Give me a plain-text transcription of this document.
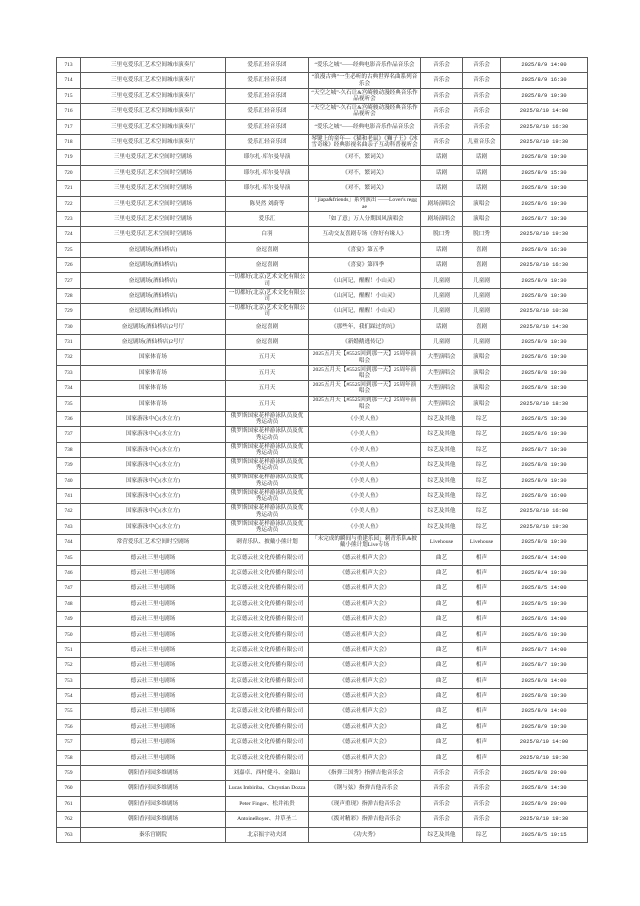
713	三里屯爱乐汇艺术空间城市演奏厅	爱乐汇轻音乐团	“爱乐之城”——经典电影音乐作品音乐会	音乐会	音乐会	2025/8/9 14:00
714	三里屯爱乐汇艺术空间城市演奏厅	爱乐汇轻音乐团	“浪漫古典”一生必听的古典世界名曲系列音乐会	音乐会	音乐会	2025/8/9 16:30
715	三里屯爱乐汇艺术空间城市演奏厅	爱乐汇轻音乐团	“天空之城”-久石让&宫崎骏动漫经典音乐作品视听会	音乐会	音乐会	2025/8/9 19:30
716	三里屯爱乐汇艺术空间城市演奏厅	爱乐汇轻音乐团	“天空之城”-久石让&宫崎骏动漫经典音乐作品视听会	音乐会	音乐会	2025/8/10 14:00
717	三里屯爱乐汇艺术空间城市演奏厅	爱乐汇轻音乐团	“爱乐之城”——经典电影音乐作品音乐会	音乐会	音乐会	2025/8/10 16:30
718	三里屯爱乐汇艺术空间城市演奏厅	爱乐汇轻音乐团	琴键上的童年—《猫和老鼠》《狮子王》《冰雪奇缘》经典影视名曲亲子互动科普视听会	音乐会	儿童音乐会	2025/8/10 19:30
719	三里屯爱乐汇艺术空间时空剧场	耶尔扎·库尔曼导演	《对不，繁词关》	话剧	话剧	2025/8/8 19:30
720	三里屯爱乐汇艺术空间时空剧场	耶尔扎·库尔曼导演	《对不，繁词关》	话剧	话剧	2025/8/9 15:30
721	三里屯爱乐汇艺术空间时空剧场	耶尔扎·库尔曼导演	《对不，繁词关》	话剧	话剧	2025/8/9 19:30
722	三里屯爱乐汇艺术空间时空剧场	陈昊然 刘蔚等	「jiapa&friends」系列演出 ——Lover's reggae	剧场演唱会	演唱会	2025/8/6 19:30
723	三里屯爱乐汇艺术空间时空剧场	爱乐汇	「如了意」万人分期国风演唱会	剧场演唱会	演唱会	2025/8/7 19:30
724	三里屯爱乐汇艺术空间时空剧场	白羽	互动交友喜剧专场《你好有缘人》	脱口秀	脱口秀	2025/8/10 19:30
725	奋逗剧场(酒仙桥店)	奋逗喜剧	《喜宴》第五季	话剧	喜剧	2025/8/9 16:30
726	奋逗剧场(酒仙桥店)	奋逗喜剧	《喜宴》第四季	话剧	喜剧	2025/8/10 16:30
727	奋逗剧场(酒仙桥店)	一切都好(北京)艺术文化有限公司	《山河记，醒醒！小山灵》	儿童剧	儿童剧	2025/8/9 10:30
728	奋逗剧场(酒仙桥店)	一切都好(北京)艺术文化有限公司	《山河记，醒醒！小山灵》	儿童剧	儿童剧	2025/8/9 10:30
729	奋逗剧场(酒仙桥店)	一切都好(北京)艺术文化有限公司	《山河记，醒醒！小山灵》	儿童剧	儿童剧	2025/8/10 10:30
730	奋逗剧场(酒仙桥店)2号厅	奋逗喜剧	《那些年，我们踩过的坑》	话剧	喜剧	2025/8/10 14:30
731	奋逗剧场(酒仙桥店)2号厅	奋逗喜剧	《新婚鹅逃传记》	儿童剧	儿童剧	2025/8/9 10:30
732	国家体育场	五月天	2025五月天【#5525回到那一天】25周年演唱会	大型演唱会	演唱会	2025/8/6 19:30
733	国家体育场	五月天	2025五月天【#5525回到那一天】25周年演唱会	大型演唱会	演唱会	2025/8/8 19:30
734	国家体育场	五月天	2025五月天【#5525回到那一天】25周年演唱会	大型演唱会	演唱会	2025/8/9 18:30
735	国家体育场	五月天	2025五月天【#5525回到那一天】25周年演唱会	大型演唱会	演唱会	2025/8/10 18:30
736	国家游泳中心(水立方)	俄罗斯国家花样游泳队员及优秀运动员	《小美人鱼》	综艺及其他	综艺	2025/8/5 19:30
737	国家游泳中心(水立方)	俄罗斯国家花样游泳队员及优秀运动员	《小美人鱼》	综艺及其他	综艺	2025/8/6 19:30
738	国家游泳中心(水立方)	俄罗斯国家花样游泳队员及优秀运动员	《小美人鱼》	综艺及其他	综艺	2025/8/7 19:30
739	国家游泳中心(水立方)	俄罗斯国家花样游泳队员及优秀运动员	《小美人鱼》	综艺及其他	综艺	2025/8/8 19:30
740	国家游泳中心(水立方)	俄罗斯国家花样游泳队员及优秀运动员	《小美人鱼》	综艺及其他	综艺	2025/8/9 19:30
741	国家游泳中心(水立方)	俄罗斯国家花样游泳队员及优秀运动员	《小美人鱼》	综艺及其他	综艺	2025/8/9 16:00
742	国家游泳中心(水立方)	俄罗斯国家花样游泳队员及优秀运动员	《小美人鱼》	综艺及其他	综艺	2025/8/10 16:00
743	国家游泳中心(水立方)	俄罗斯国家花样游泳队员及优秀运动员	《小美人鱼》	综艺及其他	综艺	2025/8/10 19:30
744	常营爱乐汇艺术空间时空剧场	刺青乐队、披戴小熊计划	「未完成的瞬间与重建乐园」刺青乐队&披戴小熊计划Live专场	Livehouse	Livehouse	2025/8/8 19:30
745	德云社三里屯剧场	北京德云社文化传播有限公司	《德云社相声大会》	曲艺	相声	2025/8/4 14:00
746	德云社三里屯剧场	北京德云社文化传播有限公司	《德云社相声大会》	曲艺	相声	2025/8/4 19:30
747	德云社三里屯剧场	北京德云社文化传播有限公司	《德云社相声大会》	曲艺	相声	2025/8/5 14:00
748	德云社三里屯剧场	北京德云社文化传播有限公司	《德云社相声大会》	曲艺	相声	2025/8/5 19:30
749	德云社三里屯剧场	北京德云社文化传播有限公司	《德云社相声大会》	曲艺	相声	2025/8/6 14:00
750	德云社三里屯剧场	北京德云社文化传播有限公司	《德云社相声大会》	曲艺	相声	2025/8/6 19:30
751	德云社三里屯剧场	北京德云社文化传播有限公司	《德云社相声大会》	曲艺	相声	2025/8/7 14:00
752	德云社三里屯剧场	北京德云社文化传播有限公司	《德云社相声大会》	曲艺	相声	2025/8/7 19:30
753	德云社三里屯剧场	北京德云社文化传播有限公司	《德云社相声大会》	曲艺	相声	2025/8/8 14:00
754	德云社三里屯剧场	北京德云社文化传播有限公司	《德云社相声大会》	曲艺	相声	2025/8/8 19:30
755	德云社三里屯剧场	北京德云社文化传播有限公司	《德云社相声大会》	曲艺	相声	2025/8/9 14:00
756	德云社三里屯剧场	北京德云社文化传播有限公司	《德云社相声大会》	曲艺	相声	2025/8/9 19:30
757	德云社三里屯剧场	北京德云社文化传播有限公司	《德云社相声大会》	曲艺	相声	2025/8/10 14:00
758	德云社三里屯剧场	北京德云社文化传播有限公司	《德云社相声大会》	曲艺	相声	2025/8/10 19:30
759	朝阳香河园多维剧场	刘嘉卓、西村健斗、金銀山	《指弹三国秀》指弹吉他音乐会	音乐会	音乐会	2025/8/8 20:00
760	朝阳香河园多维剧场	Lucas Imbiriba、Chrystian Dozza	《钢与弦》指弹吉他音乐会	音乐会	音乐会	2025/8/9 14:30
761	朝阳香河园多维剧场	Peter Finger、松井祐贵	《现声重现》指弹吉他音乐会	音乐会	音乐会	2025/8/9 20:00
762	朝阳香河园多维剧场	AntoineBoyer、井草圣二	《拨对精彩》指弹吉他音乐会	音乐会	音乐会	2025/8/10 19:30
763	秦乐宫剧院	北京振宇功夫团	《功夫秀》	综艺及其他	综艺	2025/8/5 19:15
